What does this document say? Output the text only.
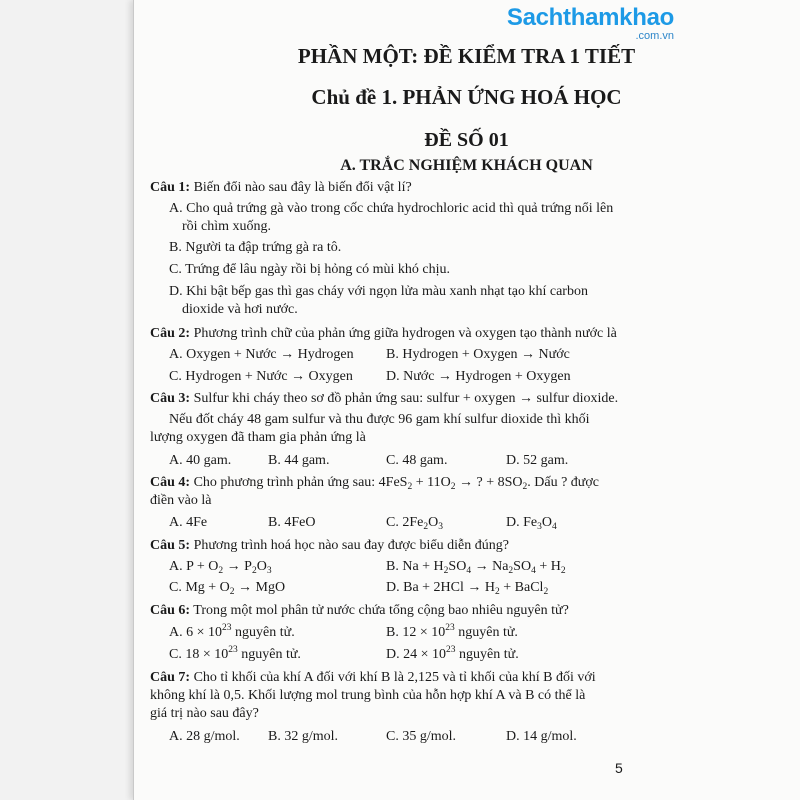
Sachthamkhao
.com.vn
PHẦN MỘT: ĐỀ KIỂM TRA 1 TIẾT
Chủ đề 1. PHẢN ỨNG HOÁ HỌC
ĐỀ SỐ 01
A. TRẮC NGHIỆM KHÁCH QUAN
Câu 1: Biến đổi nào sau đây là biến đổi vật lí?
A. Cho quả trứng gà vào trong cốc chứa hydrochloric acid thì quả trứng nổi lên
rồi chìm xuống.
B. Người ta đập trứng gà ra tô.
C. Trứng để lâu ngày rồi bị hỏng có mùi khó chịu.
D. Khi bật bếp gas thì gas cháy với ngọn lửa màu xanh nhạt tạo khí carbon
dioxide và hơi nước.
Câu 2: Phương trình chữ của phản ứng giữa hydrogen và oxygen tạo thành nước là
A. Oxygen + Nước → Hydrogen B. Hydrogen + Oxygen → Nước
C. Hydrogen + Nước → Oxygen D. Nước → Hydrogen + Oxygen
Câu 3: Sulfur khi cháy theo sơ đồ phản ứng sau: sulfur + oxygen → sulfur dioxide.
Nếu đốt cháy 48 gam sulfur và thu được 96 gam khí sulfur dioxide thì khối
lượng oxygen đã tham gia phản ứng là
A. 40 gam.	B. 44 gam.	C. 48 gam.	D. 52 gam.
Câu 4: Cho phương trình phản ứng sau: $4FeS_2 + 11O_2$ → ? + $8SO_2$. Dấu ? được
điền vào là
A. 4Fe	B. 4FeO	C. $2Fe_2O_3$	D. $Fe_3O_4$
Câu 5: Phương trình hoá học nào sau đay được biểu diễn đúng?
A. $P + O_2 \to P_2O_3$	B. $Na + H_2SO_4 \to Na_2SO_4 + H_2$
C. $Mg + O_2$ → MgO	D. $Ba + 2HCl \to H_2$ + BaCl$_2$
Câu 6: Trong một mol phân tử nước chứa tổng cộng bao nhiêu nguyên tử?
A. $6 \times 10^{23}$ nguyên tử.	B. $12 \times 10^{23}$ nguyên tử.
C. $18 \times 10^{23}$ nguyên tử.	D. $24 \times 10^{23}$ nguyên tử.
Câu 7: Cho tỉ khối của khí A đối với khí B là 2,125 và tỉ khối của khí B đối với
không khí là 0,5. Khối lượng mol trung bình của hỗn hợp khí A và B có thể là
giá trị nào sau đây?
A. 28 g/mol. B. 32 g/mol.	C. 35 g/mol.	D. 14 g/mol.
5
